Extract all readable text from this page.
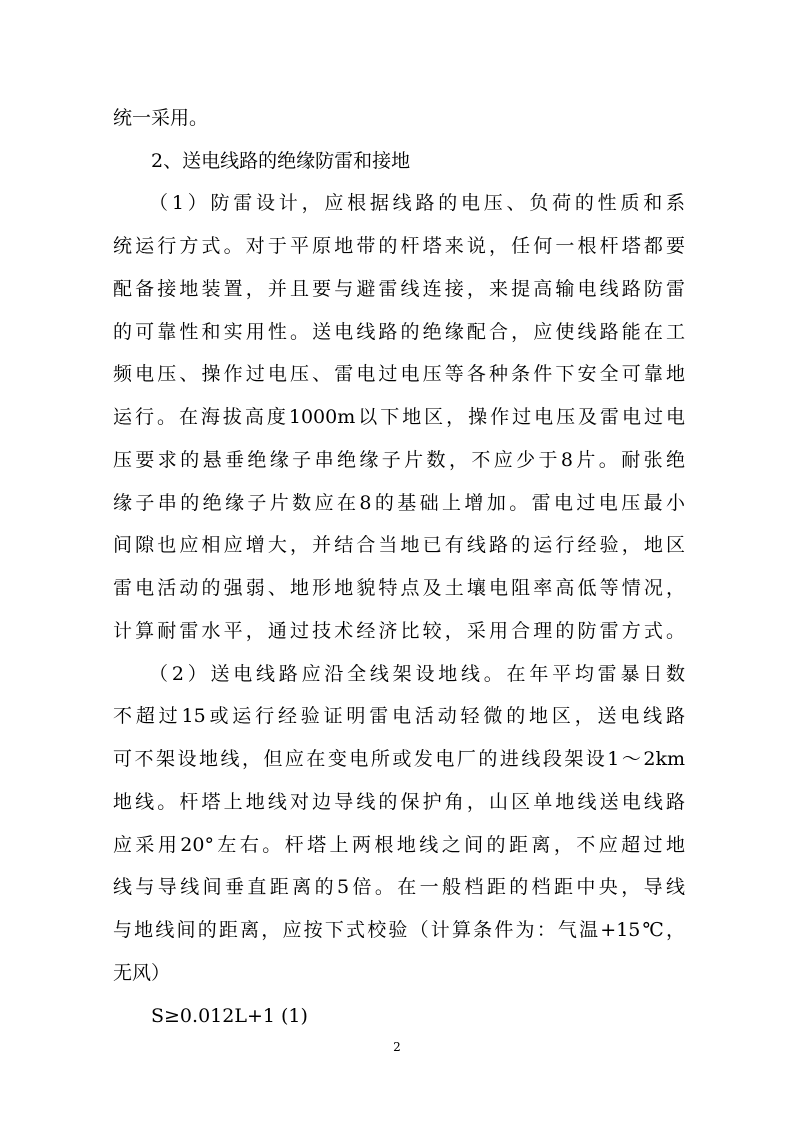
统一采用。
　　2、送电线路的绝缘防雷和接地
　　（1）防雷设计，应根据线路的电压、负荷的性质和系
统运行方式。对于平原地带的杆塔来说，任何一根杆塔都要
配备接地装置，并且要与避雷线连接，来提高输电线路防雷
的可靠性和实用性。送电线路的绝缘配合，应使线路能在工
频电压、操作过电压、雷电过电压等各种条件下安全可靠地
运行。在海拔高度1000m以下地区，操作过电压及雷电过电
压要求的悬垂绝缘子串绝缘子片数，不应少于8片。耐张绝
缘子串的绝缘子片数应在8的基础上增加。雷电过电压最小
间隙也应相应增大，并结合当地已有线路的运行经验，地区
雷电活动的强弱、地形地貌特点及土壤电阻率高低等情况，
计算耐雷水平，通过技术经济比较，采用合理的防雷方式。
　　（2）送电线路应沿全线架设地线。在年平均雷暴日数
不超过15或运行经验证明雷电活动轻微的地区，送电线路
可不架设地线，但应在变电所或发电厂的进线段架设1～2km
地线。杆塔上地线对边导线的保护角，山区单地线送电线路
应采用20°左右。杆塔上两根地线之间的距离，不应超过地
线与导线间垂直距离的5倍。在一般档距的档距中央，导线
与地线间的距离，应按下式校验（计算条件为：气温+15℃，
无风）
　　S≥0.012L+1 (1)
2
